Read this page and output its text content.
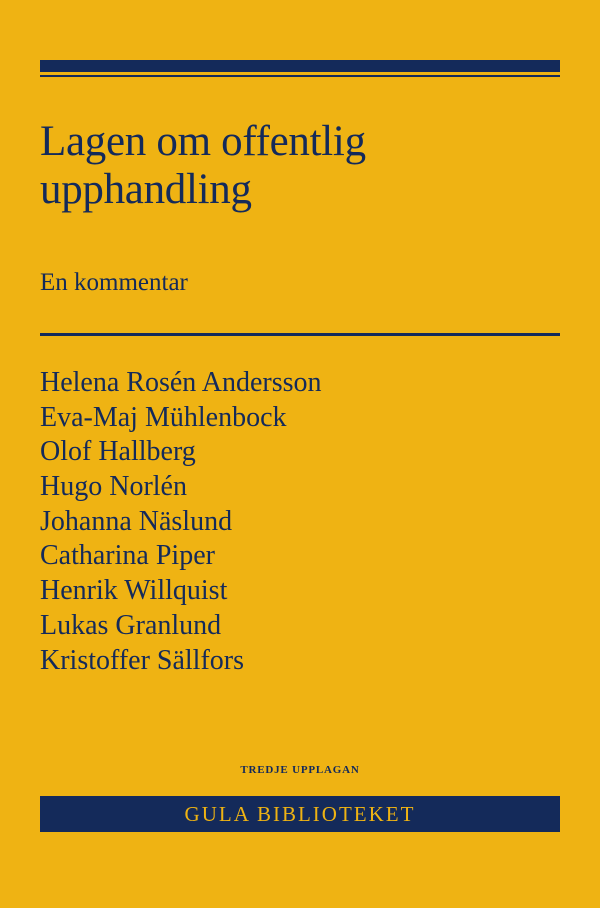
Lagen om offentlig
upphandling

En kommentar

Helena Rosén Andersson
Eva-Maj Mühlenbock
Olof Hallberg
Hugo Norlén
Johanna Näslund
Catharina Piper
Henrik Willquist
Lukas Granlund
Kristoffer Sällfors
TREDJE UPPLAGAN
GULA BIBLIOTEKET
